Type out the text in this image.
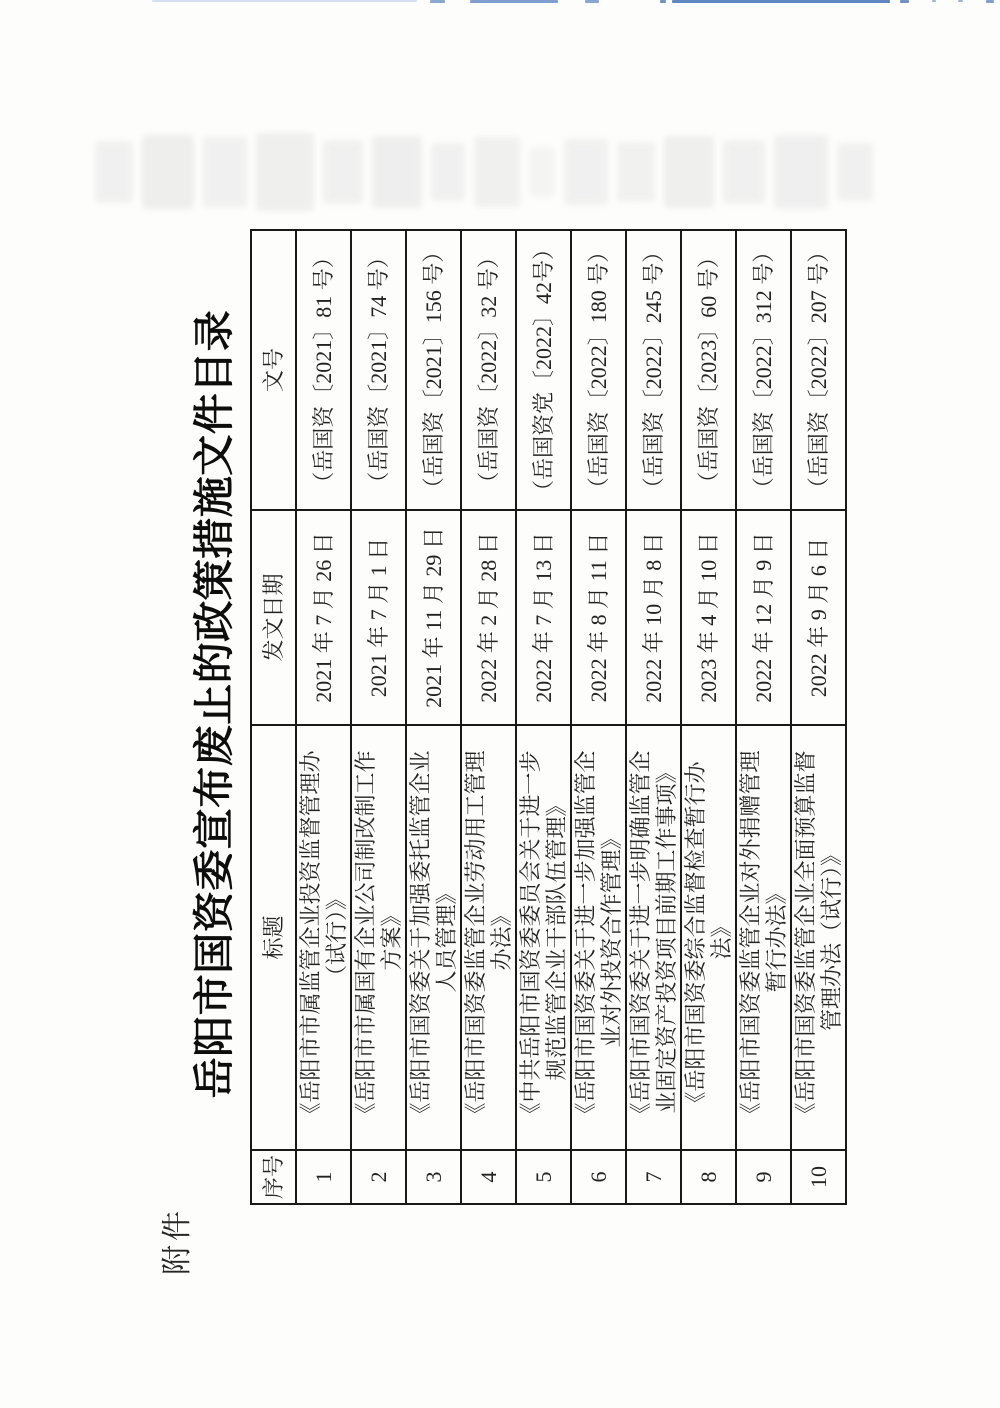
附件
岳阳市国资委宣布废止的政策措施文件目录
序号	标题	发文日期	文号
1	《岳阳市市属监管企业投资监督管理办 （试行）》	2021 年 7 月 26 日	（岳国资〔2021〕81 号）
2	《岳阳市市属国有企业公司制改制工作 方案》	2021 年 7 月 1 日	（岳国资〔2021〕74 号）
3	《岳阳市国资委关于加强委托监管企业 人员管理》	2021 年 11 月 29 日	（岳国资〔2021〕156 号）
4	《岳阳市国资委监管企业劳动用工管理 办法》	2022 年 2 月 28 日	（岳国资〔2022〕32 号）
5	《中共岳阳市国资委委员会关于进一步 规范监管企业干部队伍管理》	2022 年 7 月 13 日	（岳国资党〔2022〕42号）
6	《岳阳市国资委关于进一步加强监管企 业对外投资合作管理》	2022 年 8 月 11 日	（岳国资〔2022〕180 号）
7	《岳阳市国资委关于进一步明确监管企 业固定资产投资项目前期工作事项》	2022 年 10 月 8 日	（岳国资〔2022〕245 号）
8	《岳阳市国资委综合监督检查暂行办 法》	2023 年 4 月 10 日	（岳国资〔2023〕60 号）
9	《岳阳市国资委监管企业对外捐赠管理 暂行办法》	2022 年 12 月 9 日	（岳国资〔2022〕312 号）
10	《岳阳市国资委监管企业全面预算监督 管理办法（试行）》	2022 年 9 月 6 日	（岳国资〔2022〕207 号）
